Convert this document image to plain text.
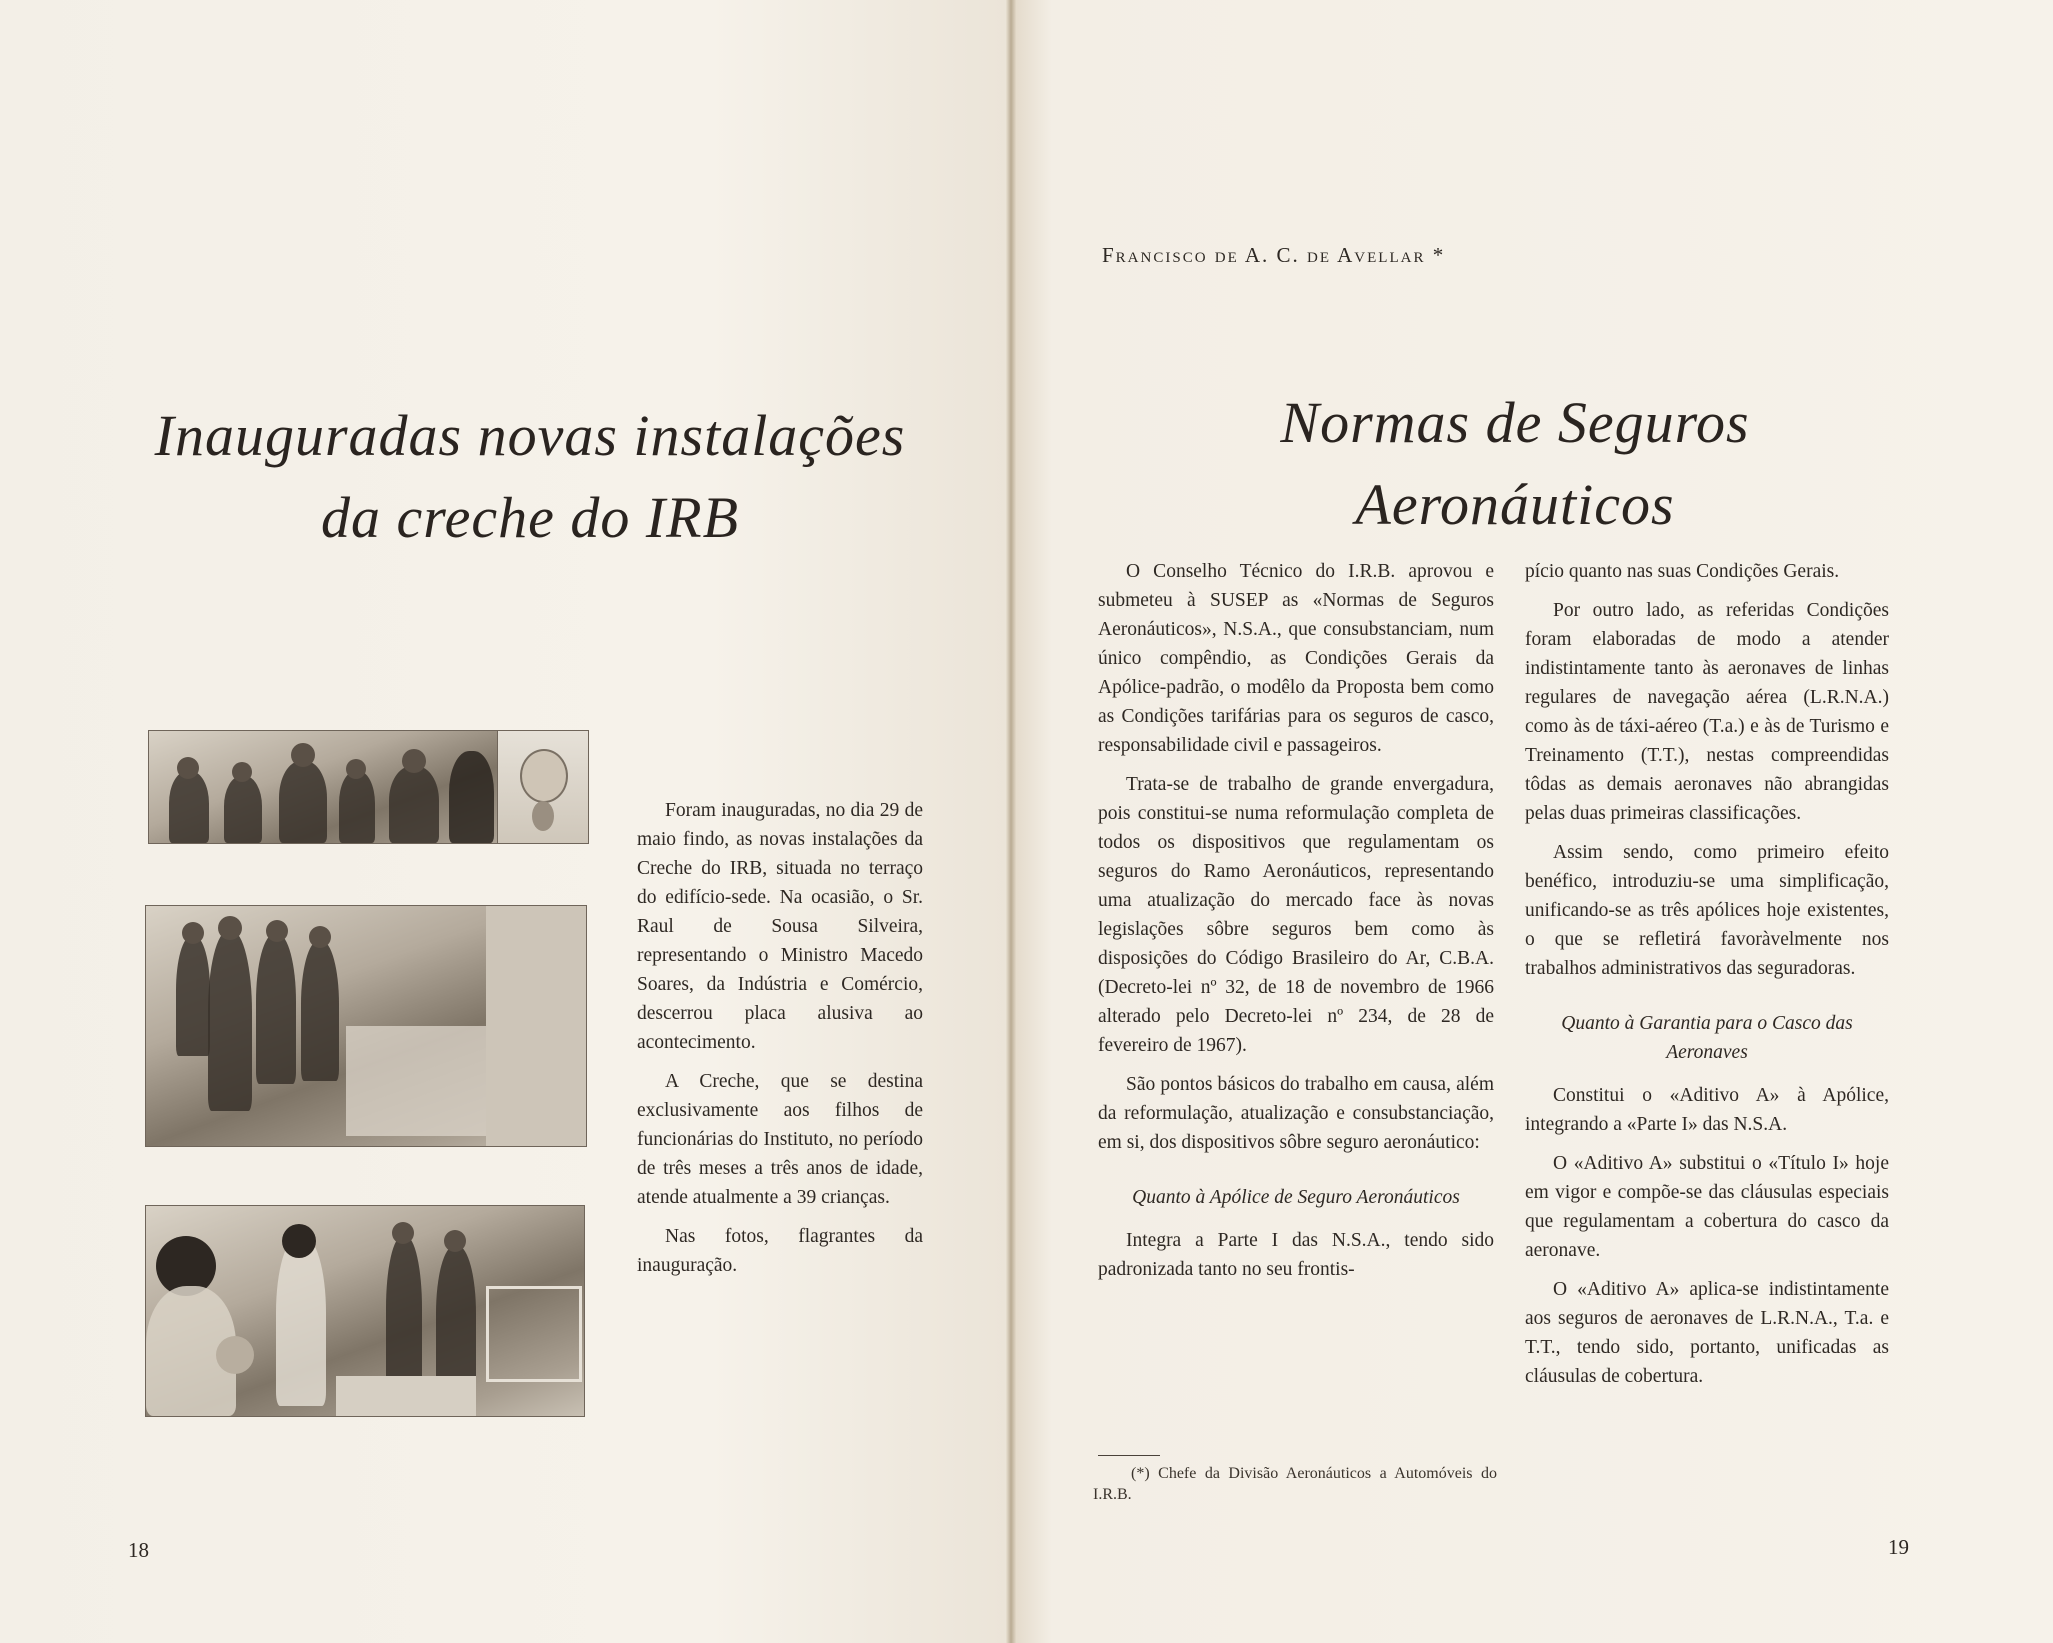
Inauguradas novas instalações
da creche do IRB

Foram inauguradas, no dia 29 de maio findo, as novas instalações da Creche do IRB, situada no terraço do edifício-sede. Na ocasião, o Sr. Raul de Sousa Silveira, representando o Ministro Macedo Soares, da Indústria e Comércio, descerrou placa alusiva ao acontecimento.

A Creche, que se destina exclusivamente aos filhos de funcionárias do Instituto, no período de três meses a três anos de idade, atende atualmente a 39 crianças.

Nas fotos, flagrantes da inauguração.

18
Francisco de A. C. de Avellar *
Normas de Seguros Aeronáuticos

O Conselho Técnico do I.R.B. aprovou e submeteu à SUSEP as «Normas de Seguros Aeronáuticos», N.S.A., que consubstanciam, num único compêndio, as Condições Gerais da Apólice-padrão, o modêlo da Proposta bem como as Condições tarifárias para os seguros de casco, responsabilidade civil e passageiros.

Trata-se de trabalho de grande envergadura, pois constitui-se numa reformulação completa de todos os dispositivos que regulamentam os seguros do Ramo Aeronáuticos, representando uma atualização do mercado face às novas legislações sôbre seguros bem como às disposições do Código Brasileiro do Ar, C.B.A. (Decreto-lei nº 32, de 18 de novembro de 1966 alterado pelo Decreto-lei nº 234, de 28 de fevereiro de 1967).

São pontos básicos do trabalho em causa, além da reformulação, atualização e consubstanciação, em si, dos dispositivos sôbre seguro aeronáutico:

Quanto à Apólice de Seguro Aeronáuticos

Integra a Parte I das N.S.A., tendo sido padronizada tanto no seu frontis-

(*) Chefe da Divisão Aeronáuticos a Automóveis do I.R.B.

pício quanto nas suas Condições Gerais.

Por outro lado, as referidas Condições foram elaboradas de modo a atender indistintamente tanto às aeronaves de linhas regulares de navegação aérea (L.R.N.A.) como às de táxi-aéreo (T.a.) e às de Turismo e Treinamento (T.T.), nestas compreendidas tôdas as demais aeronaves não abrangidas pelas duas primeiras classificações.

Assim sendo, como primeiro efeito benéfico, introduziu-se uma simplificação, unificando-se as três apólices hoje existentes, o que se refletirá favoràvelmente nos trabalhos administrativos das seguradoras.

Quanto à Garantia para o Casco das Aeronaves

Constitui o «Aditivo A» à Apólice, integrando a «Parte I» das N.S.A.

O «Aditivo A» substitui o «Título I» hoje em vigor e compõe-se das cláusulas especiais que regulamentam a cobertura do casco da aeronave.

O «Aditivo A» aplica-se indistintamente aos seguros de aeronaves de L.R.N.A., T.a. e T.T., tendo sido, portanto, unificadas as cláusulas de cobertura.

19
